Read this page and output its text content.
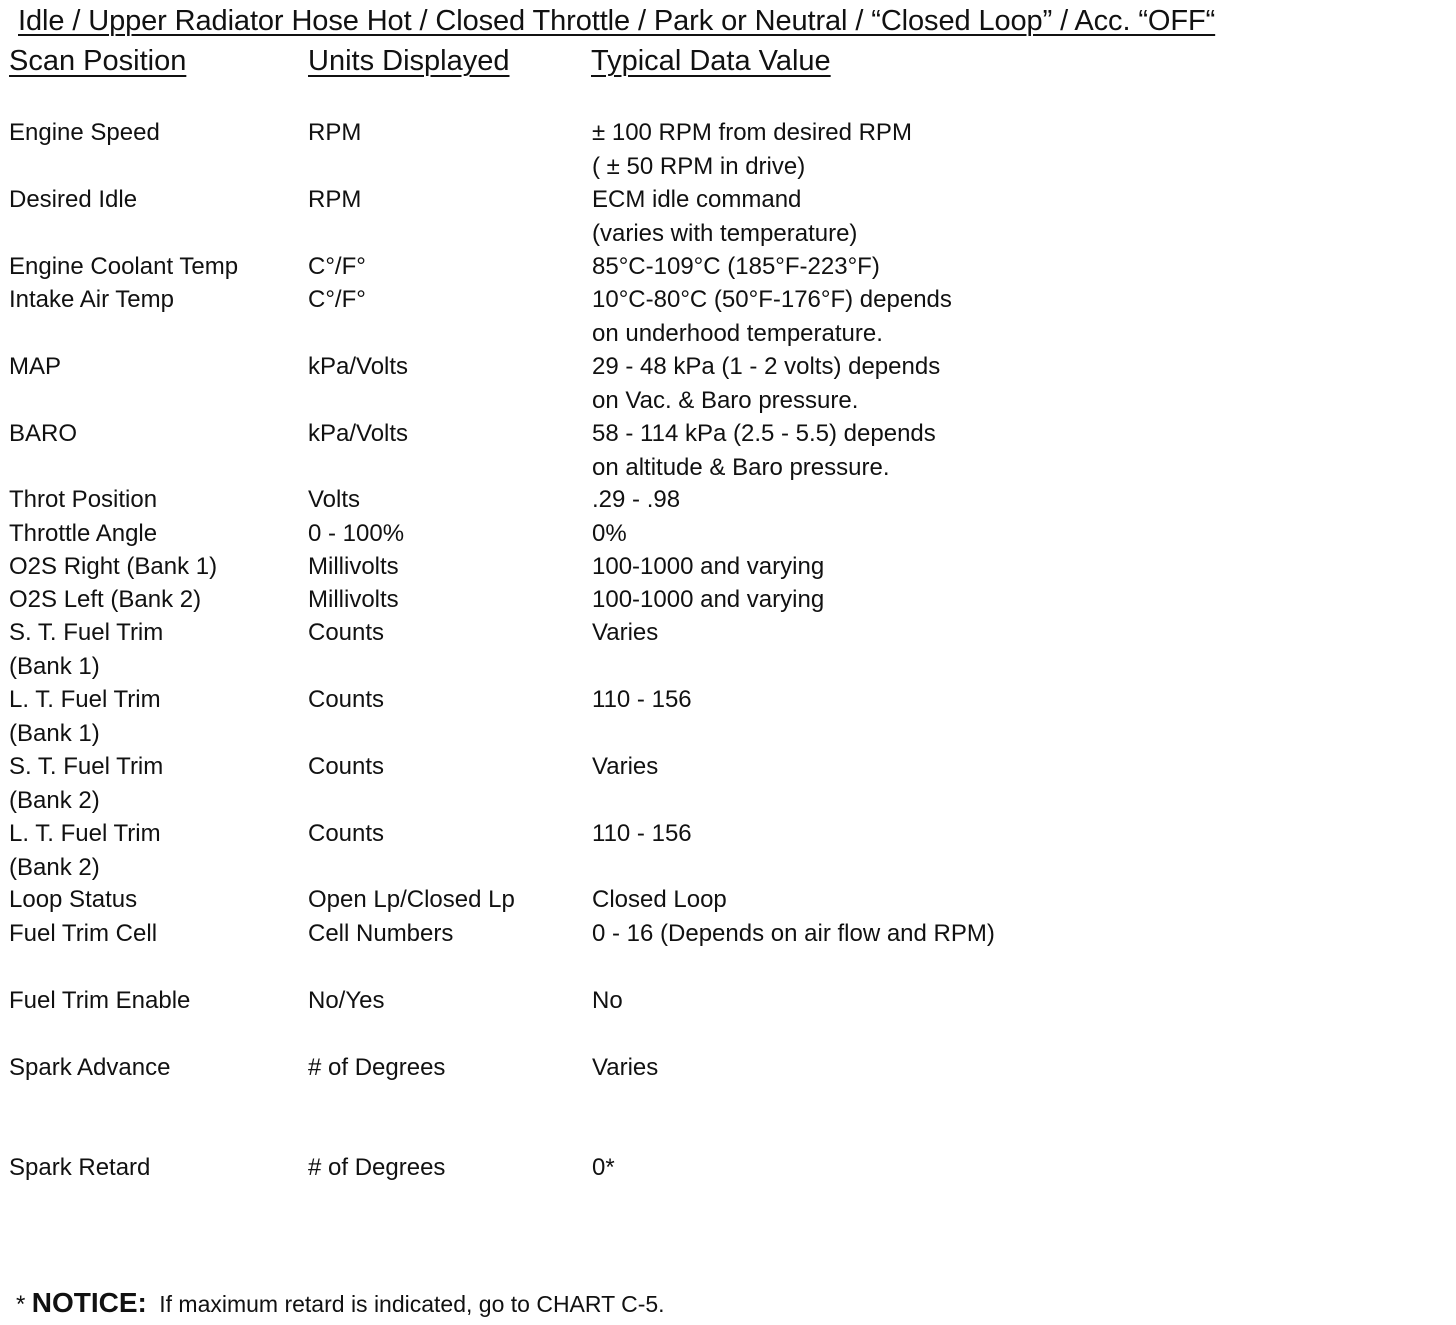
Idle / Upper Radiator Hose Hot / Closed Throttle / Park or Neutral / “Closed Loop” / Acc. “OFF“
Scan Position	Units Displayed	Typical Data Value
Engine Speed	RPM	± 100 RPM from desired RPM
( ± 50 RPM in drive)
Desired Idle	RPM	ECM idle command
(varies with temperature)
Engine Coolant Temp	C°/F°	85°C-109°C (185°F-223°F)
Intake Air Temp	C°/F°	10°C-80°C (50°F-176°F) depends
on underhood temperature.
MAP	kPa/Volts	29 - 48 kPa (1 - 2 volts) depends
on Vac. & Baro pressure.
BARO	kPa/Volts	58 - 114 kPa (2.5 - 5.5) depends
on altitude & Baro pressure.
Throt Position	Volts	.29 - .98
Throttle Angle	0 - 100%	0%
O2S Right (Bank 1)	Millivolts	100-1000 and varying
O2S Left (Bank 2)	Millivolts	100-1000 and varying
S. T. Fuel Trim
(Bank 1)
Counts	Varies
L. T. Fuel Trim
(Bank 1)
Counts	110 - 156
S. T. Fuel Trim
(Bank 2)
Counts	Varies
L. T. Fuel Trim
(Bank 2)
Counts	110 - 156
Loop Status	Open Lp/Closed Lp	Closed Loop
Fuel Trim Cell	Cell Numbers	0 - 16 (Depends on air flow and RPM)
Fuel Trim Enable	No/Yes	No
Spark Advance	# of Degrees	Varies
Spark Retard	# of Degrees	0*
* NOTICE: If maximum retard is indicated, go to CHART C-5.
